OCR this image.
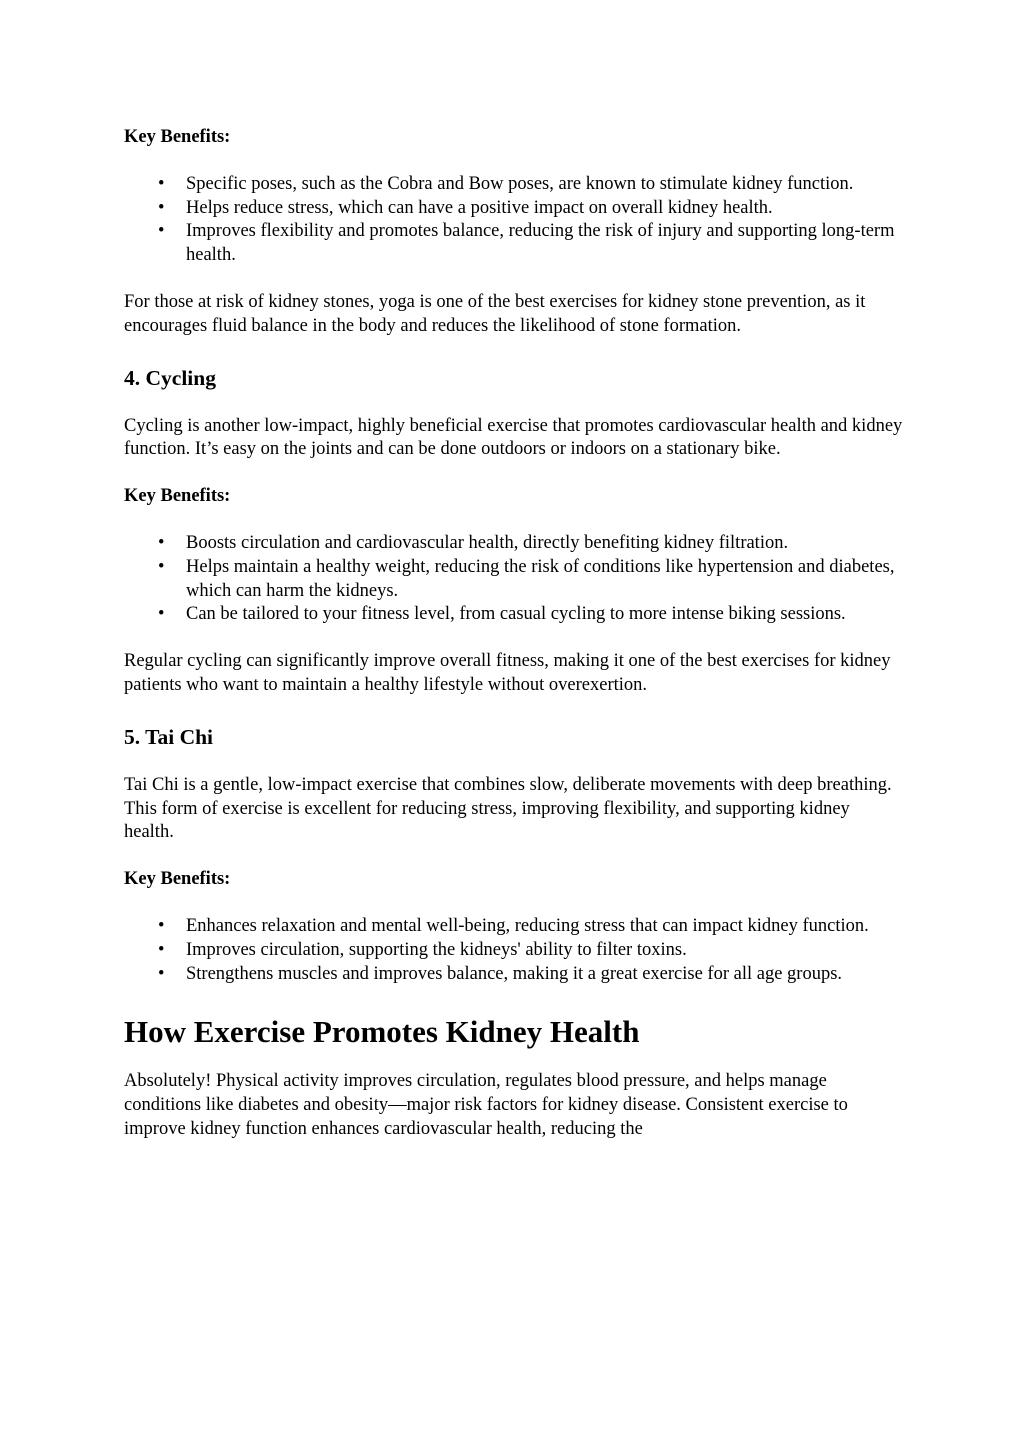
Key Benefits:
• Specific poses, such as the Cobra and Bow poses, are known to stimulate kidney function.
• Helps reduce stress, which can have a positive impact on overall kidney health.
• Improves flexibility and promotes balance, reducing the risk of injury and supporting long-term health.

For those at risk of kidney stones, yoga is one of the best exercises for kidney stone prevention, as it encourages fluid balance in the body and reduces the likelihood of stone formation.

4. Cycling

Cycling is another low-impact, highly beneficial exercise that promotes cardiovascular health and kidney function. It’s easy on the joints and can be done outdoors or indoors on a stationary bike.

Key Benefits:
• Boosts circulation and cardiovascular health, directly benefiting kidney filtration.
• Helps maintain a healthy weight, reducing the risk of conditions like hypertension and diabetes, which can harm the kidneys.
• Can be tailored to your fitness level, from casual cycling to more intense biking sessions.

Regular cycling can significantly improve overall fitness, making it one of the best exercises for kidney patients who want to maintain a healthy lifestyle without overexertion.

5. Tai Chi

Tai Chi is a gentle, low-impact exercise that combines slow, deliberate movements with deep breathing. This form of exercise is excellent for reducing stress, improving flexibility, and supporting kidney health.

Key Benefits:
• Enhances relaxation and mental well-being, reducing stress that can impact kidney function.
• Improves circulation, supporting the kidneys' ability to filter toxins.
• Strengthens muscles and improves balance, making it a great exercise for all age groups.
How Exercise Promotes Kidney Health

Absolutely! Physical activity improves circulation, regulates blood pressure, and helps manage conditions like diabetes and obesity—major risk factors for kidney disease. Consistent exercise to improve kidney function enhances cardiovascular health, reducing the
